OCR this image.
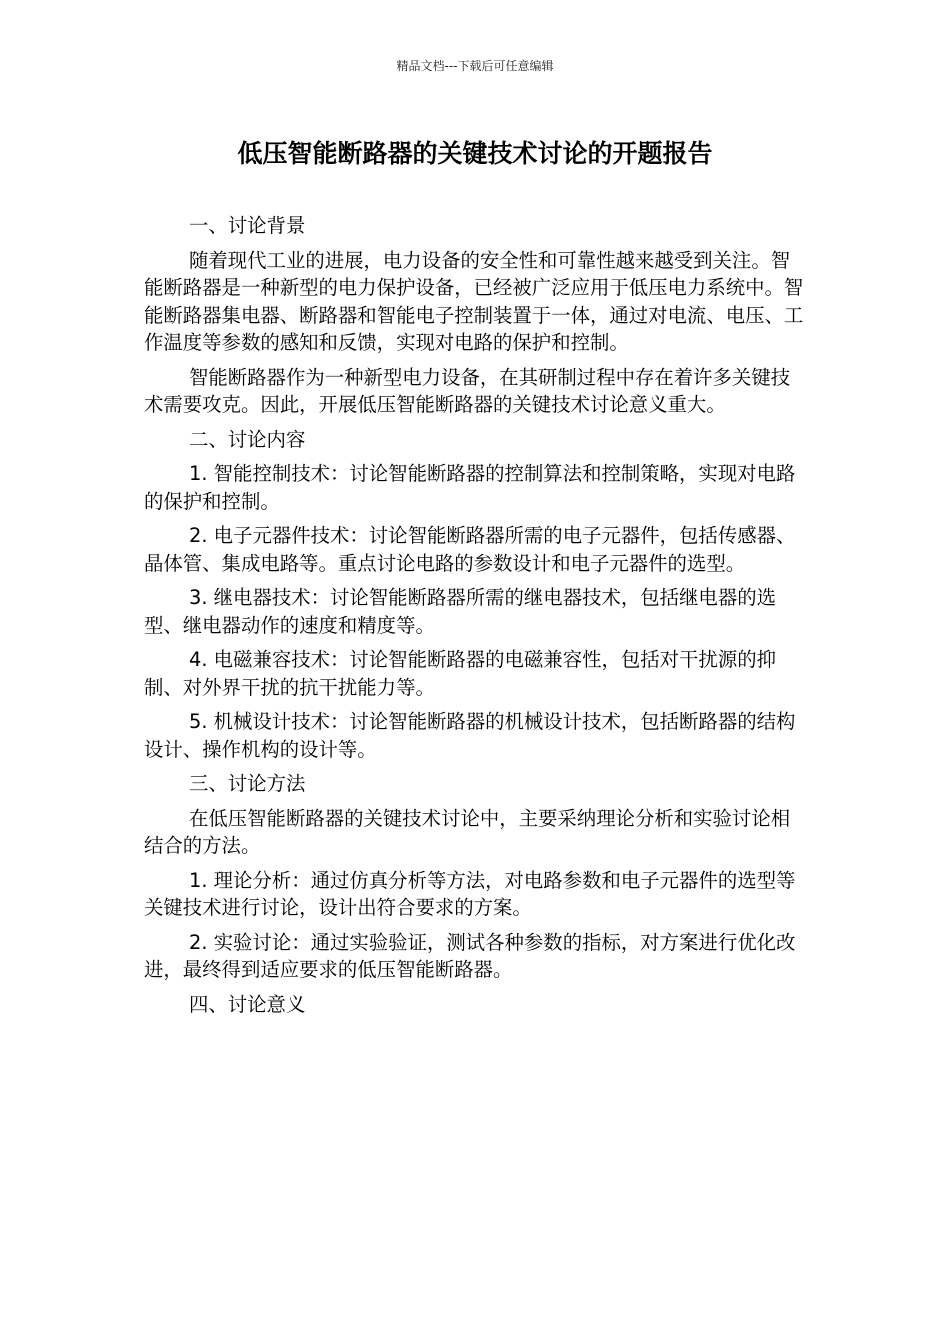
精品文档---下载后可任意编辑
低压智能断路器的关键技术讨论的开题报告

一、讨论背景

随着现代工业的进展，电力设备的安全性和可靠性越来越受到关注。智能断路器是一种新型的电力保护设备，已经被广泛应用于低压电力系统中。智能断路器集电器、断路器和智能电子控制装置于一体，通过对电流、电压、工作温度等参数的感知和反馈，实现对电路的保护和控制。

智能断路器作为一种新型电力设备，在其研制过程中存在着许多关键技术需要攻克。因此，开展低压智能断路器的关键技术讨论意义重大。

二、讨论内容

1. 智能控制技术：讨论智能断路器的控制算法和控制策略，实现对电路的保护和控制。

2. 电子元器件技术：讨论智能断路器所需的电子元器件，包括传感器、晶体管、集成电路等。重点讨论电路的参数设计和电子元器件的选型。

3. 继电器技术：讨论智能断路器所需的继电器技术，包括继电器的选型、继电器动作的速度和精度等。

4. 电磁兼容技术：讨论智能断路器的电磁兼容性，包括对干扰源的抑制、对外界干扰的抗干扰能力等。

5. 机械设计技术：讨论智能断路器的机械设计技术，包括断路器的结构设计、操作机构的设计等。

三、讨论方法

在低压智能断路器的关键技术讨论中，主要采纳理论分析和实验讨论相结合的方法。

1. 理论分析：通过仿真分析等方法，对电路参数和电子元器件的选型等关键技术进行讨论，设计出符合要求的方案。

2. 实验讨论：通过实验验证，测试各种参数的指标，对方案进行优化改进，最终得到适应要求的低压智能断路器。

四、讨论意义
